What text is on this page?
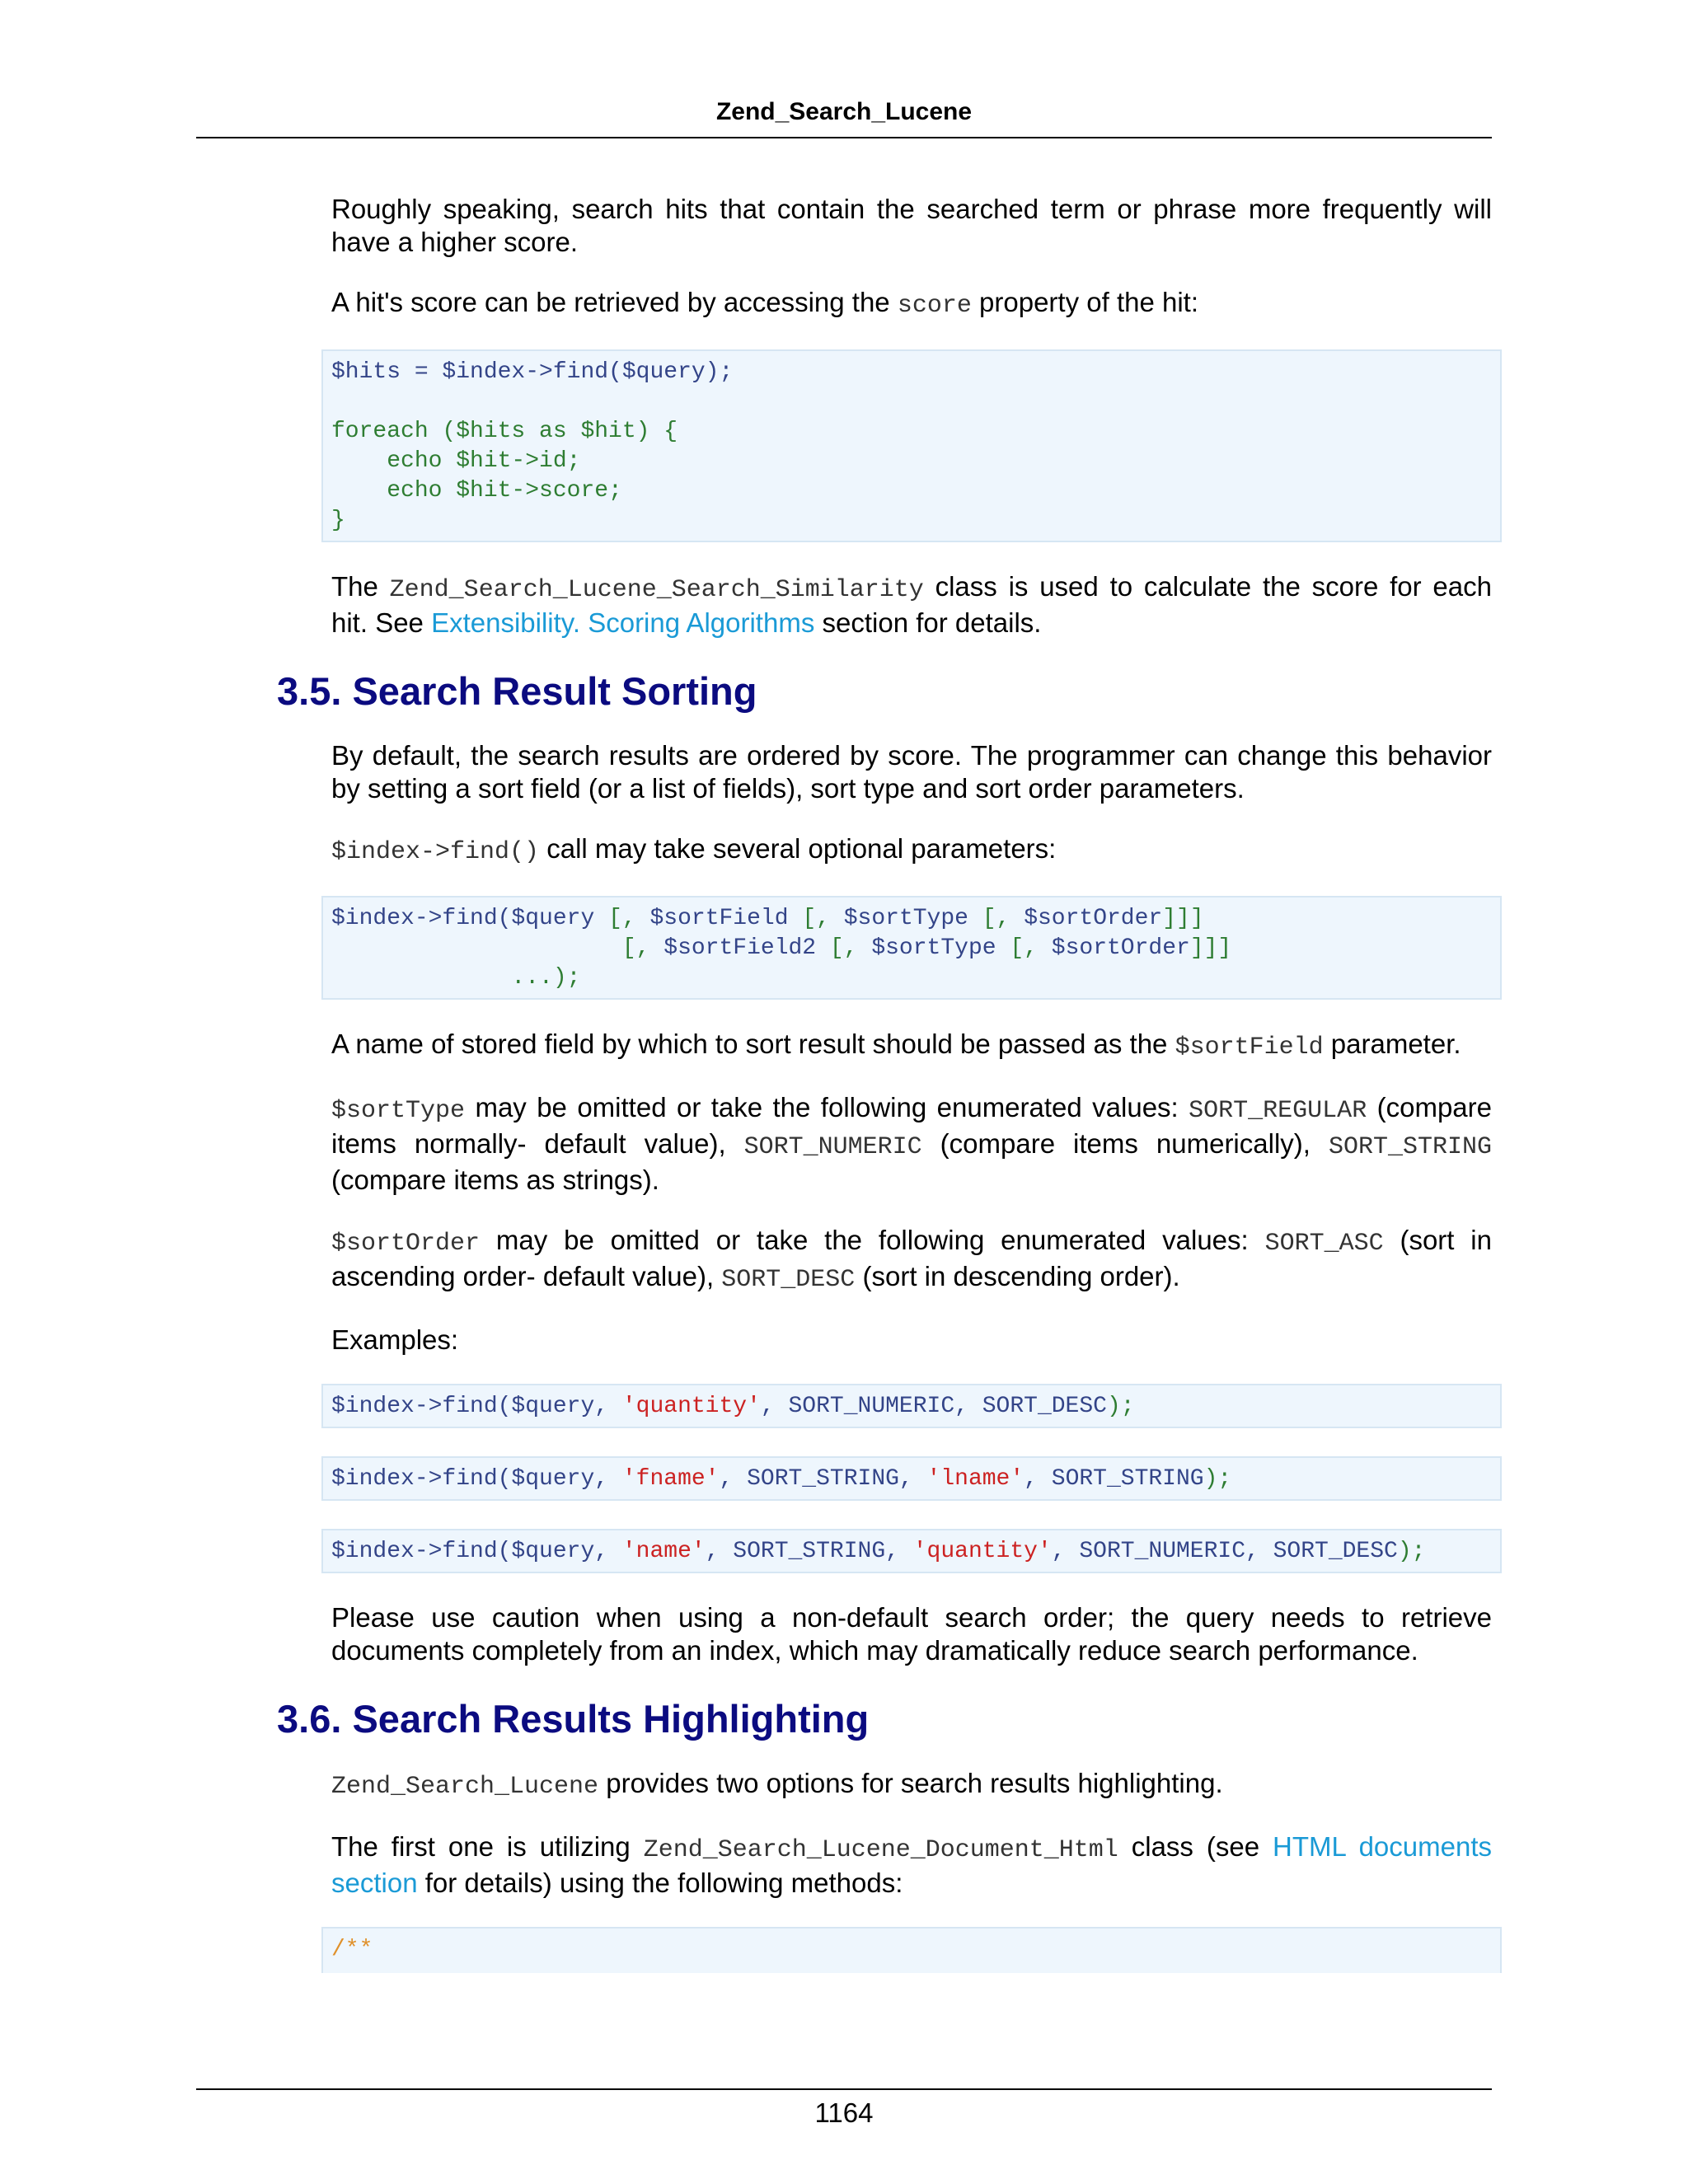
Zend_Search_Lucene

Roughly speaking, search hits that contain the searched term or phrase more frequently will have a higher score.

A hit's score can be retrieved by accessing the score property of the hit:

$hits = $index->find($query);

foreach ($hits as $hit) {
echo $hit->id;
echo $hit->score;
}

The Zend_Search_Lucene_Search_Similarity class is used to calculate the score for each hit. See Extensibility. Scoring Algorithms section for details.

3.5. Search Result Sorting

By default, the search results are ordered by score. The programmer can change this behavior by setting a sort field (or a list of fields), sort type and sort order parameters.

$index->find() call may take several optional parameters:

$index->find($query [, $sortField [, $sortType [, $sortOrder]]]
[, $sortField2 [, $sortType [, $sortOrder]]]
...);

A name of stored field by which to sort result should be passed as the $sortField parameter.

$sortType may be omitted or take the following enumerated values: SORT_REGULAR (compare items normally- default value), SORT_NUMERIC (compare items numerically), SORT_STRING (compare items as strings).

$sortOrder may be omitted or take the following enumerated values: SORT_ASC (sort in ascending order- default value), SORT_DESC (sort in descending order).

Examples:

$index->find($query, 'quantity', SORT_NUMERIC, SORT_DESC);
$index->find($query, 'fname', SORT_STRING, 'lname', SORT_STRING);
$index->find($query, 'name', SORT_STRING, 'quantity', SORT_NUMERIC, SORT_DESC);

Please use caution when using a non-default search order; the query needs to retrieve documents completely from an index, which may dramatically reduce search performance.

3.6. Search Results Highlighting

Zend_Search_Lucene provides two options for search results highlighting.

The first one is utilizing Zend_Search_Lucene_Document_Html class (see HTML documents section for details) using the following methods:

/**
1164
